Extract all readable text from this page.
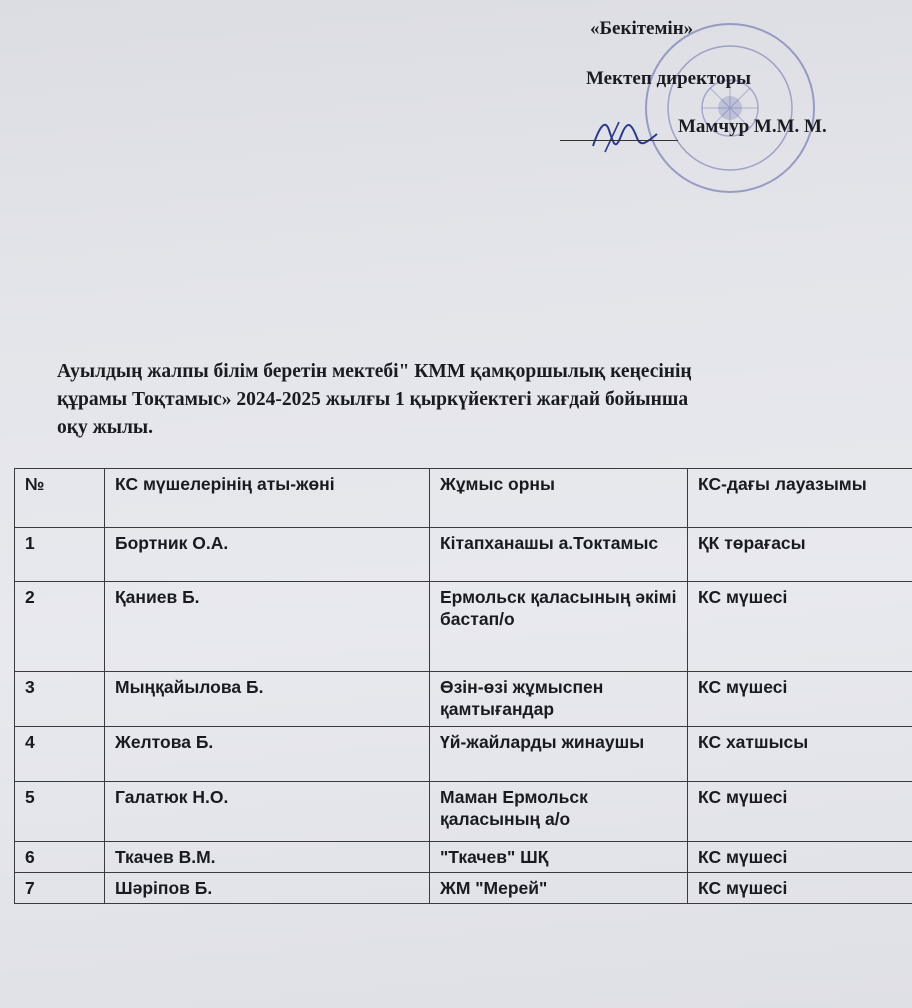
«Бекітемін»
Мектеп директоры
Мамчур М.М. М.
Ауылдың жалпы білім беретін мектебі" КММ қамқоршылық кеңесінің
құрамы Тоқтамыс» 2024-2025 жылғы 1 қыркүйектегі жағдай бойынша
оқу жылы.
№	КС мүшелерінің аты-жөні	Жұмыс орны	КС-дағы лауазымы
1	Бортник О.А.	Кітапханашы а.Токтамыс	ҚК төрағасы
2	Қаниев Б.	Ермольск қаласының әкімі бастап/о	КС мүшесі
3	Мыңқайылова Б.	Өзін-өзі жұмыспен қамтығандар	КС мүшесі
4	Желтова Б.	Үй-жайларды жинаушы	КС хатшысы
5	Галатюк Н.О.	Маман Ермольск қаласының а/о	КС мүшесі
6	Ткачев В.М.	"Ткачев" ШҚ	КС мүшесі
7	Шәріпов Б.	ЖМ "Мерей"	КС мүшесі
